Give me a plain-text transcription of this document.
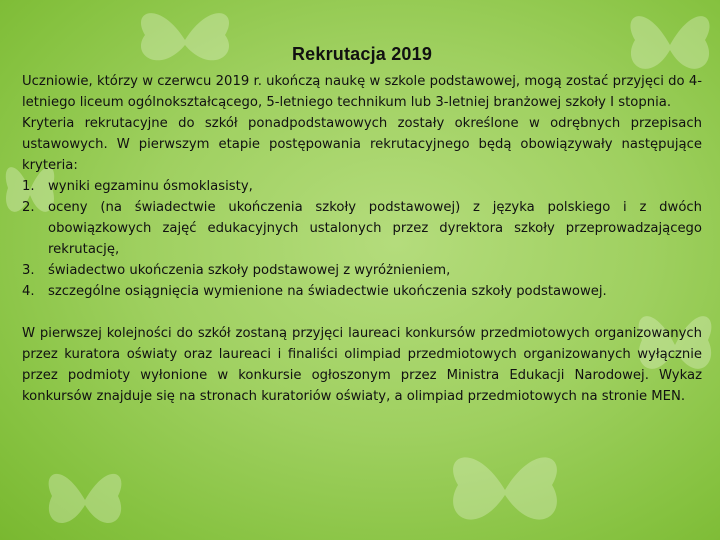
Rekrutacja 2019

Uczniowie, którzy w czerwcu 2019 r. ukończą naukę w szkole podstawowej, mogą zostać przyjęci do 4-letniego liceum ogólnokształcącego, 5-letniego technikum lub 3-letniej branżowej szkoły I stopnia.

Kryteria rekrutacyjne do szkół ponadpodstawowych zostały określone w odrębnych przepisach ustawowych. W pierwszym etapie postępowania rekrutacyjnego będą obowiązywały następujące kryteria:

1. wyniki egzaminu ósmoklasisty,
2. oceny (na świadectwie ukończenia szkoły podstawowej) z języka polskiego i z dwóch obowiązkowych zajęć edukacyjnych ustalonych przez dyrektora szkoły przeprowadzającego rekrutację,
3. świadectwo ukończenia szkoły podstawowej z wyróżnieniem,
4. szczególne osiągnięcia wymienione na świadectwie ukończenia szkoły podstawowej.

W pierwszej kolejności do szkół zostaną przyjęci laureaci konkursów przedmiotowych organizowanych przez kuratora oświaty oraz laureaci i finaliści olimpiad przedmiotowych organizowanych wyłącznie przez podmioty wyłonione w konkursie ogłoszonym przez Ministra Edukacji Narodowej. Wykaz konkursów znajduje się na stronach kuratoriów oświaty, a olimpiad przedmiotowych na stronie MEN.
